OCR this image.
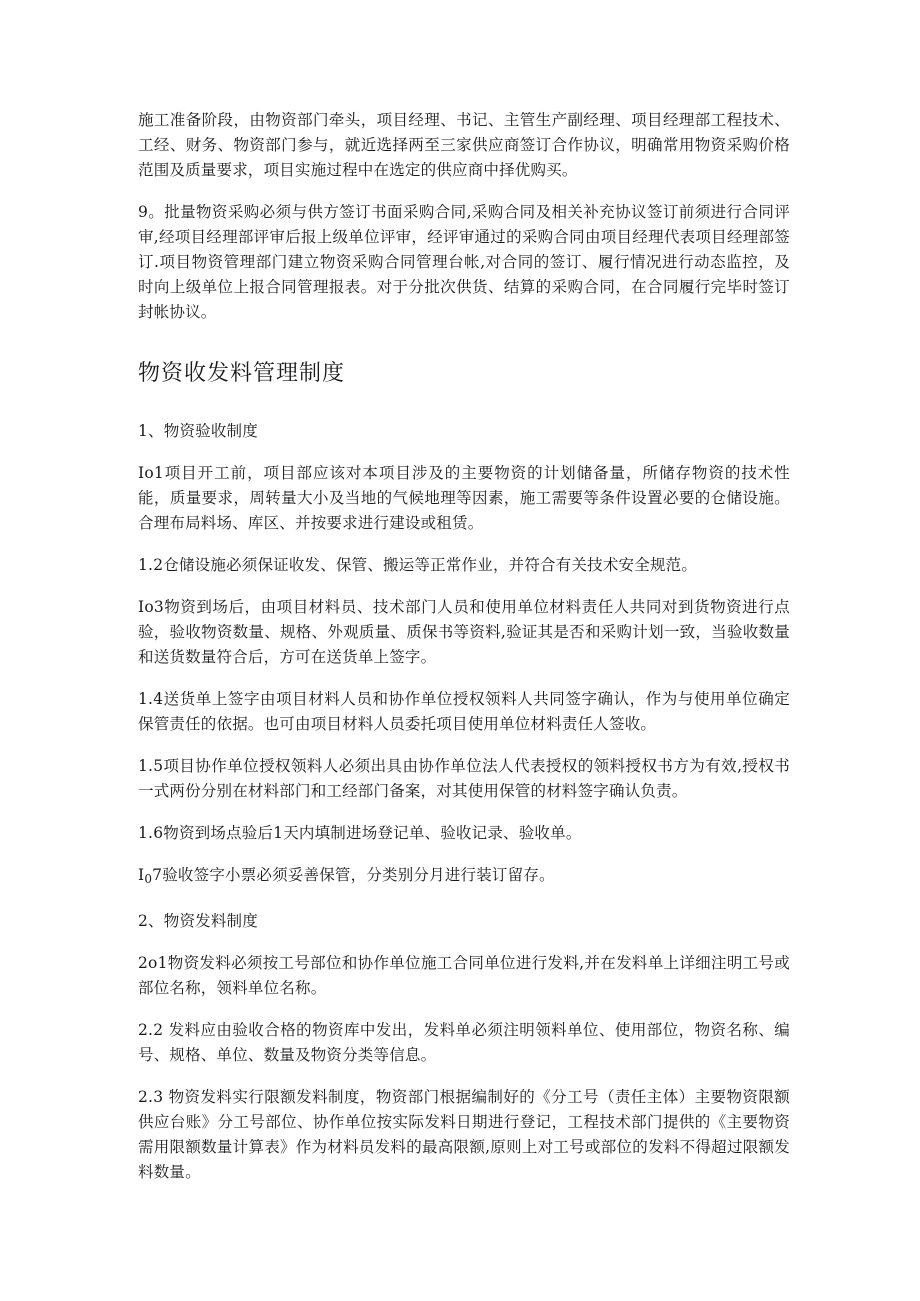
施工准备阶段，由物资部门牵头，项目经理、书记、主管生产副经理、项目经理部工程技术、工经、财务、物资部门参与，就近选择两至三家供应商签订合作协议，明确常用物资采购价格范围及质量要求，项目实施过程中在选定的供应商中择优购买。

9。批量物资采购必须与供方签订书面采购合同,采购合同及相关补充协议签订前须进行合同评审,经项目经理部评审后报上级单位评审，经评审通过的采购合同由项目经理代表项目经理部签订.项目物资管理部门建立物资采购合同管理台帐,对合同的签订、履行情况进行动态监控，及时向上级单位上报合同管理报表。对于分批次供货、结算的采购合同，在合同履行完毕时签订封帐协议。

物资收发料管理制度

1、物资验收制度

Io1项目开工前，项目部应该对本项目涉及的主要物资的计划储备量，所储存物资的技术性能，质量要求，周转量大小及当地的气候地理等因素，施工需要等条件设置必要的仓储设施。合理布局料场、库区、并按要求进行建设或租赁。

1.2仓储设施必须保证收发、保管、搬运等正常作业，并符合有关技术安全规范。

Io3物资到场后，由项目材料员、技术部门人员和使用单位材料责任人共同对到货物资进行点验，验收物资数量、规格、外观质量、质保书等资料,验证其是否和采购计划一致，当验收数量和送货数量符合后，方可在送货单上签字。

1.4送货单上签字由项目材料人员和协作单位授权领料人共同签字确认，作为与使用单位确定保管责任的依据。也可由项目材料人员委托项目使用单位材料责任人签收。

1.5项目协作单位授权领料人必须出具由协作单位法人代表授权的领料授权书方为有效,授权书一式两份分别在材料部门和工经部门备案，对其使用保管的材料签字确认负责。

1.6物资到场点验后1天内填制进场登记单、验收记录、验收单。

$I_07$验收签字小票必须妥善保管，分类别分月进行装订留存。

2、物资发料制度

2o1物资发料必须按工号部位和协作单位施工合同单位进行发料,并在发料单上详细注明工号或部位名称，领料单位名称。

2.2 发料应由验收合格的物资库中发出，发料单必须注明领料单位、使用部位，物资名称、编号、规格、单位、数量及物资分类等信息。

2.3 物资发料实行限额发料制度，物资部门根据编制好的《分工号（责任主体）主要物资限额供应台账》分工号部位、协作单位按实际发料日期进行登记，工程技术部门提供的《主要物资需用限额数量计算表》作为材料员发料的最高限额,原则上对工号或部位的发料不得超过限额发料数量。
